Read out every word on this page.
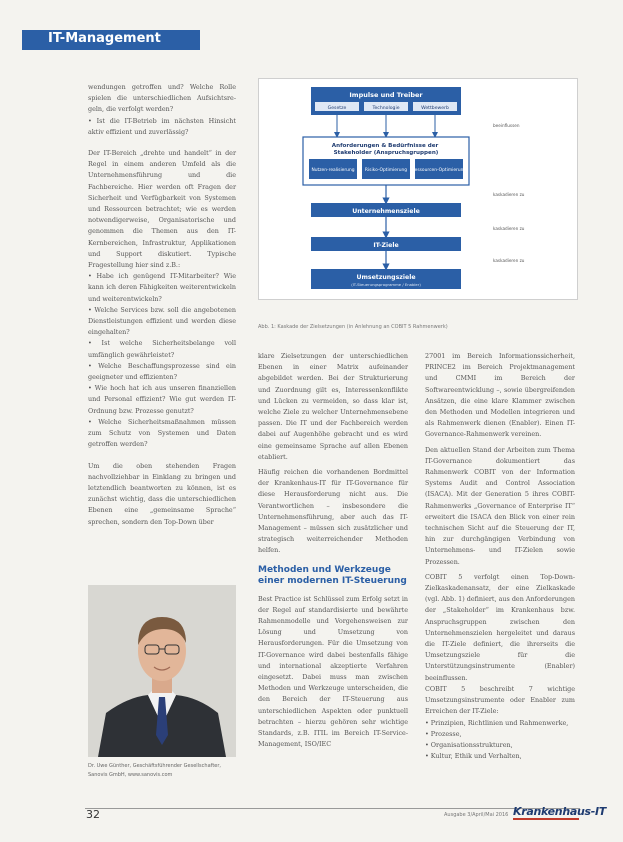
IT-Management

wendungen getroffen und? Welche Rolle spielen die unterschiedlichen Aufsichtsre- geln, die verfolgt werden?

• Ist die IT-Betrieb im nächsten Hinsicht aktiv effizient und zuverlässig?

Der IT-Bereich „drehte und handelt“ in der Regel in einem anderen Umfeld als die Unternehmensführung und die Fachbereiche. Hier werden oft Fragen der Sicherheit und Verfügbarkeit von Systemen und Ressourcen betrachtet; wie es werden notwendigerweise, Organisatorische und genommen die Themen aus den IT-Kernbereichen, Infrastruktur, Applikationen und Support diskutiert. Typische Fragestellung hier sind z.B.:

• Habe ich genügend IT-Mitarbeiter? Wie kann ich deren Fähigkeiten weiterentwickeln und weiterentwickeln?

• Welche Services bzw. soll die angebotenen Dienstleistungen effizient und werden diese eingehalten?

• Ist welche Sicherheitsbelange voll umfänglich gewährleistet?

• Welche Beschaffungsprozesse sind ein geeigneter und effizienten?

• Wie hoch hat ich aus unseren finanziellen und Personal effizient? Wie gut werden IT-Ordnung bzw. Prozesse genutzt?

• Welche Sicherheitsmaßnahmen müssen zum Schutz von Systemen und Daten getroffen werden?

Um die oben stehenden Fragen nachvollziehbar in Einklang zu bringen und letztendlich beantworten zu können, ist es zunächst wichtig, dass die unterschiedlichen Ebenen eine „gemeinsame Sprache“ sprechen, sondern den Top-Down über

Impulse und Treiber
Gesetze	Technologie	Wettbewerb
beeinflussen
Anforderungen & Bedürfnisse der Stakeholder (Anspruchsgruppen)
Nutzen-realisierung Risiko-Optimierung Ressourcen-Optimierung
kaskadieren zu
Unternehmensziele
kaskadieren zu
IT-Ziele
kaskadieren zu
Umsetzungsziele
(IT-Steuerungsprogramme / Enabler)
Abb. 1: Kaskade der Zielsetzungen (in Anlehnung an COBIT 5 Rahmenwerk)

klare Zielsetzungen der unterschiedlichen Ebenen in einer Matrix aufeinander abgebildet werden. Bei der Strukturierung und Zuordnung gilt es, Interessenkonflikte und Lücken zu vermeiden, so dass klar ist, welche Ziele zu welcher Unternehmensebene passen. Die IT und der Fachbereich werden dabei auf Augenhöhe gebracht und es wird eine gemeinsame Sprache auf allen Ebenen etabliert.

Häufig reichen die vorhandenen Bordmittel der Krankenhaus-IT für IT-Governance für diese Herausforderung nicht aus. Die Verantwortlichen – insbesondere die Unternehmensführung, aber auch das IT-Management – müssen sich zusätzlicher und strategisch weiterreichender Methoden helfen.

Methoden und Werkzeuge einer modernen IT-Steuerung

Best Practice ist Schlüssel zum Erfolg setzt in der Regel auf standardisierte und bewährte Rahmenmodelle und Vorgehensweisen zur Lösung und Umsetzung von Herausforderungen. Für die Umsetzung von IT-Governance wird dabei bestenfalls fähige und international akzeptierte Verfahren eingesetzt. Dabei muss man zwischen Methoden und Werkzeuge unterscheiden, die den Bereich der IT-Steuerung aus unterschiedlichen Aspekten oder punktuell betrachten – hierzu gehören sehr wichtige Standards, z.B. ITIL im Bereich IT-Service-Management, ISO/IEC

27001 im Bereich Informationssicherheit, PRINCE2 im Bereich Projektmanagement und CMMI im Bereich der Softwareentwicklung –, sowie übergreifenden Ansätzen, die eine klare Klammer zwischen den Methoden und Modellen integrieren und als Rahmenwerk dienen (Enabler). Einen IT-Governance-Rahmenwerk vereinen.

Den aktuellen Stand der Arbeiten zum Thema IT-Governance dokumentiert das Rahmenwerk COBIT von der Information Systems Audit and Control Association (ISACA). Mit der Generation 5 ihres COBIT-Rahmenwerks „Governance of Enterprise IT“ erweitert die ISACA den Blick von einer rein technischen Sicht auf die Steuerung der IT, hin zur durchgängigen Verbindung von Unternehmens- und IT-Zielen sowie Prozessen.

COBIT 5 verfolgt einen Top-Down-Zielkaskadenansatz, der eine Zielkaskade (vgl. Abb. 1) definiert, aus den Anforderungen der „Stakeholder“ im Krankenhaus bzw. Anspruchsgruppen zwischen den Unternehmenszielen hergeleitet und daraus die IT-Ziele definiert, die ihrerseits die Umsetzungsziele für die Unterstützungsinstrumente (Enabler) beeinflussen.

COBIT 5 beschreibt 7 wichtige Umsetzungsinstrumente oder Enabler zum Erreichen der IT-Ziele:

• Prinzipien, Richtlinien und Rahmenwerke,

• Prozesse,

• Organisationsstrukturen,

• Kultur, Ethik und Verhalten,

Dr. Uwe Günther, Geschäftsführender Gesellschafter, Sanovis GmbH, www.sanovis.com
32	Ausgabe 3/April/Mai 2016 Krankenhaus-IT
